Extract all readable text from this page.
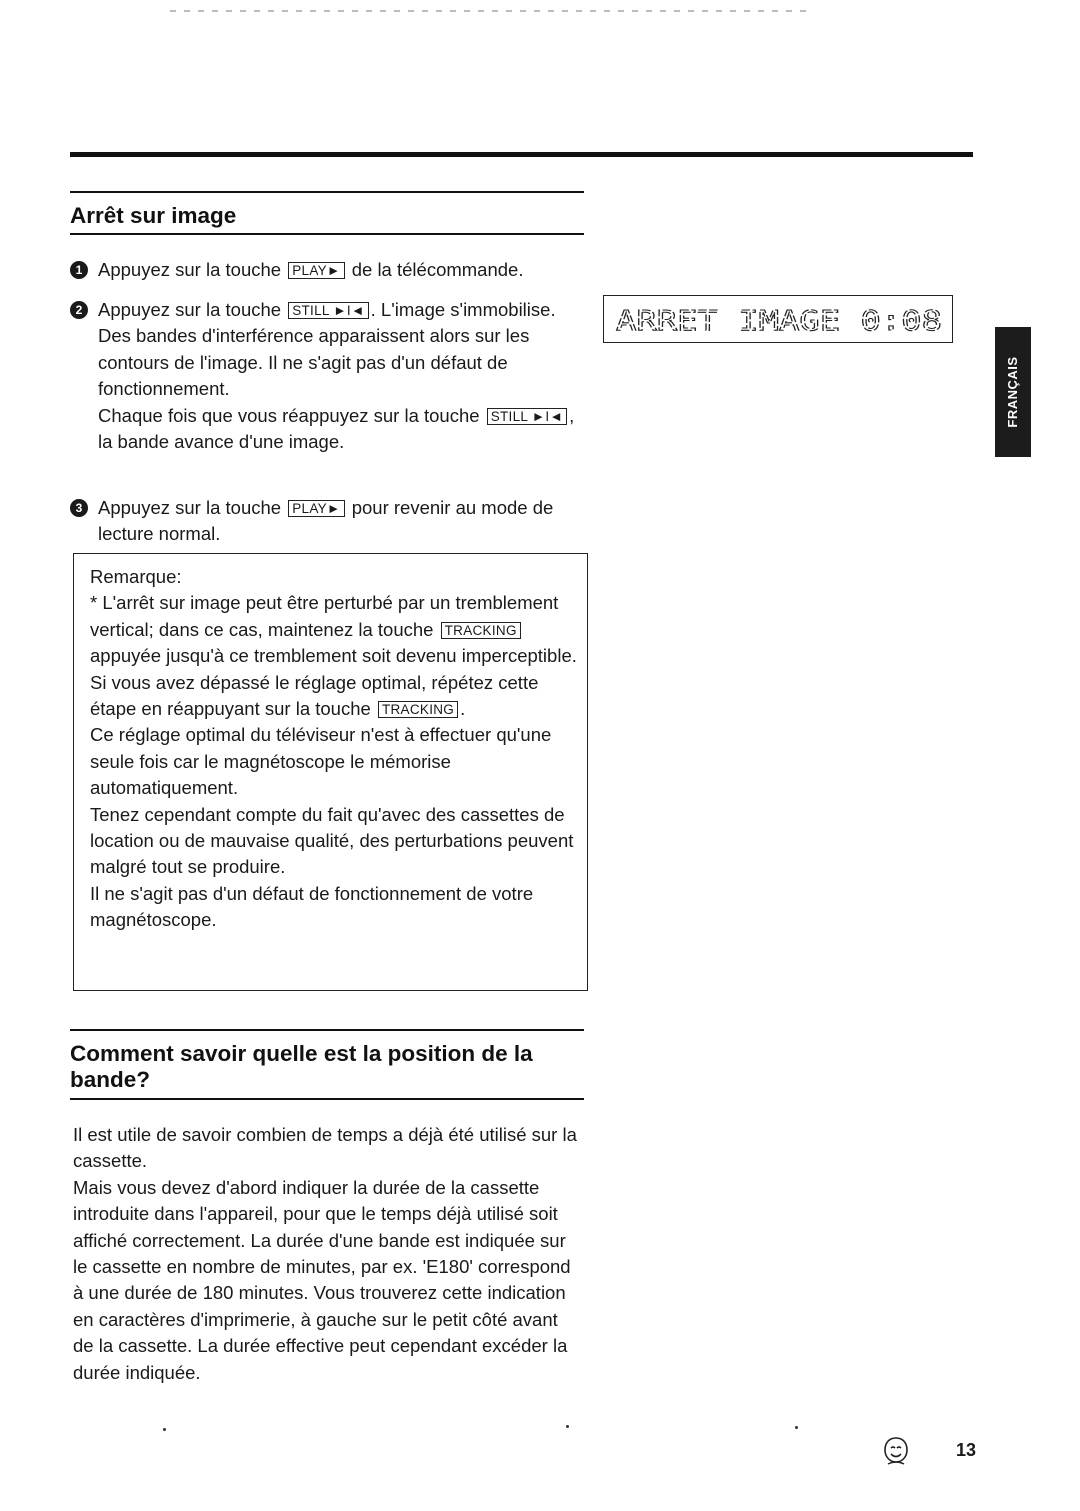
Arrêt sur image
1 Appuyez sur la touche PLAY► de la télécommande.

2 Appuyez sur la touche STILL ►I◄ . L'image s'immobilise.

Des bandes d'interférence apparaissent alors sur les contours de l'image. Il ne s'agit pas d'un défaut de fonctionnement.

Chaque fois que vous réappuyez sur la touche STILL ►I◄ , la bande avance d'une image.

3 Appuyez sur la touche PLAY► pour revenir au mode de lecture normal.

ARRET IMAGE 0:08
FRANÇAIS

Remarque:

* L'arrêt sur image peut être perturbé par un tremblement vertical; dans ce cas, maintenez la touche TRACKING appuyée jusqu'à ce tremblement soit devenu imperceptible.

Si vous avez dépassé le réglage optimal, répétez cette étape en réappuyant sur la touche TRACKING .

Ce réglage optimal du téléviseur n'est à effectuer qu'une seule fois car le magnétoscope le mémorise automatiquement.

Tenez cependant compte du fait qu'avec des cassettes de location ou de mauvaise qualité, des perturbations peuvent malgré tout se produire.

Il ne s'agit pas d'un défaut de fonctionnement de votre magnétoscope.

Comment savoir quelle est la position de la bande?

Il est utile de savoir combien de temps a déjà été utilisé sur la cassette.

Mais vous devez d'abord indiquer la durée de la cassette introduite dans l'appareil, pour que le temps déjà utilisé soit affiché correctement. La durée d'une bande est indiquée sur le cassette en nombre de minutes, par ex. 'E180' correspond à une durée de 180 minutes. Vous trouverez cette indication en caractères d'imprimerie, à gauche sur le petit côté avant de la cassette. La durée effective peut cependant excéder la durée indiquée.

13
